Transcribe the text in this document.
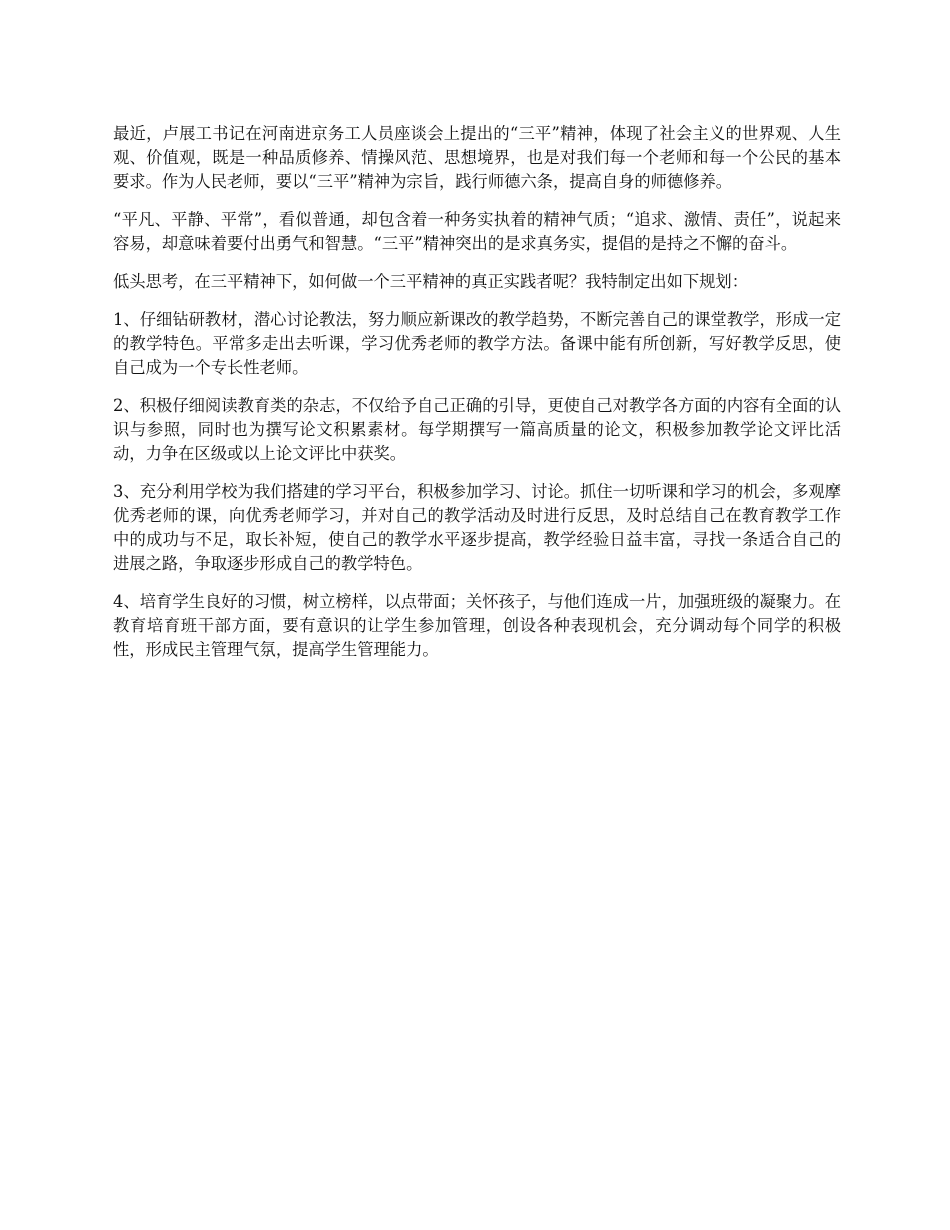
最近，卢展工书记在河南进京务工人员座谈会上提出的“三平”精神，体现了社会主义的世界观、人生观、价值观，既是一种品质修养、情操风范、思想境界，也是对我们每一个老师和每一个公民的基本要求。作为人民老师，要以“三平”精神为宗旨，践行师德六条，提高自身的师德修养。

“平凡、平静、平常”，看似普通，却包含着一种务实执着的精神气质；“追求、激情、责任”，说起来容易，却意味着要付出勇气和智慧。“三平”精神突出的是求真务实，提倡的是持之不懈的奋斗。

低头思考，在三平精神下，如何做一个三平精神的真正实践者呢？我特制定出如下规划：

1、仔细钻研教材，潜心讨论教法，努力顺应新课改的教学趋势，不断完善自己的课堂教学，形成一定的教学特色。平常多走出去听课，学习优秀老师的教学方法。备课中能有所创新，写好教学反思，使自己成为一个专长性老师。

2、积极仔细阅读教育类的杂志，不仅给予自己正确的引导，更使自己对教学各方面的内容有全面的认识与参照，同时也为撰写论文积累素材。每学期撰写一篇高质量的论文，积极参加教学论文评比活动，力争在区级或以上论文评比中获奖。

3、充分利用学校为我们搭建的学习平台，积极参加学习、讨论。抓住一切听课和学习的机会，多观摩优秀老师的课，向优秀老师学习，并对自己的教学活动及时进行反思，及时总结自己在教育教学工作中的成功与不足，取长补短，使自己的教学水平逐步提高，教学经验日益丰富，寻找一条适合自己的进展之路，争取逐步形成自己的教学特色。

4、培育学生良好的习惯，树立榜样，以点带面；关怀孩子，与他们连成一片，加强班级的凝聚力。在教育培育班干部方面，要有意识的让学生参加管理，创设各种表现机会，充分调动每个同学的积极性，形成民主管理气氛，提高学生管理能力。
